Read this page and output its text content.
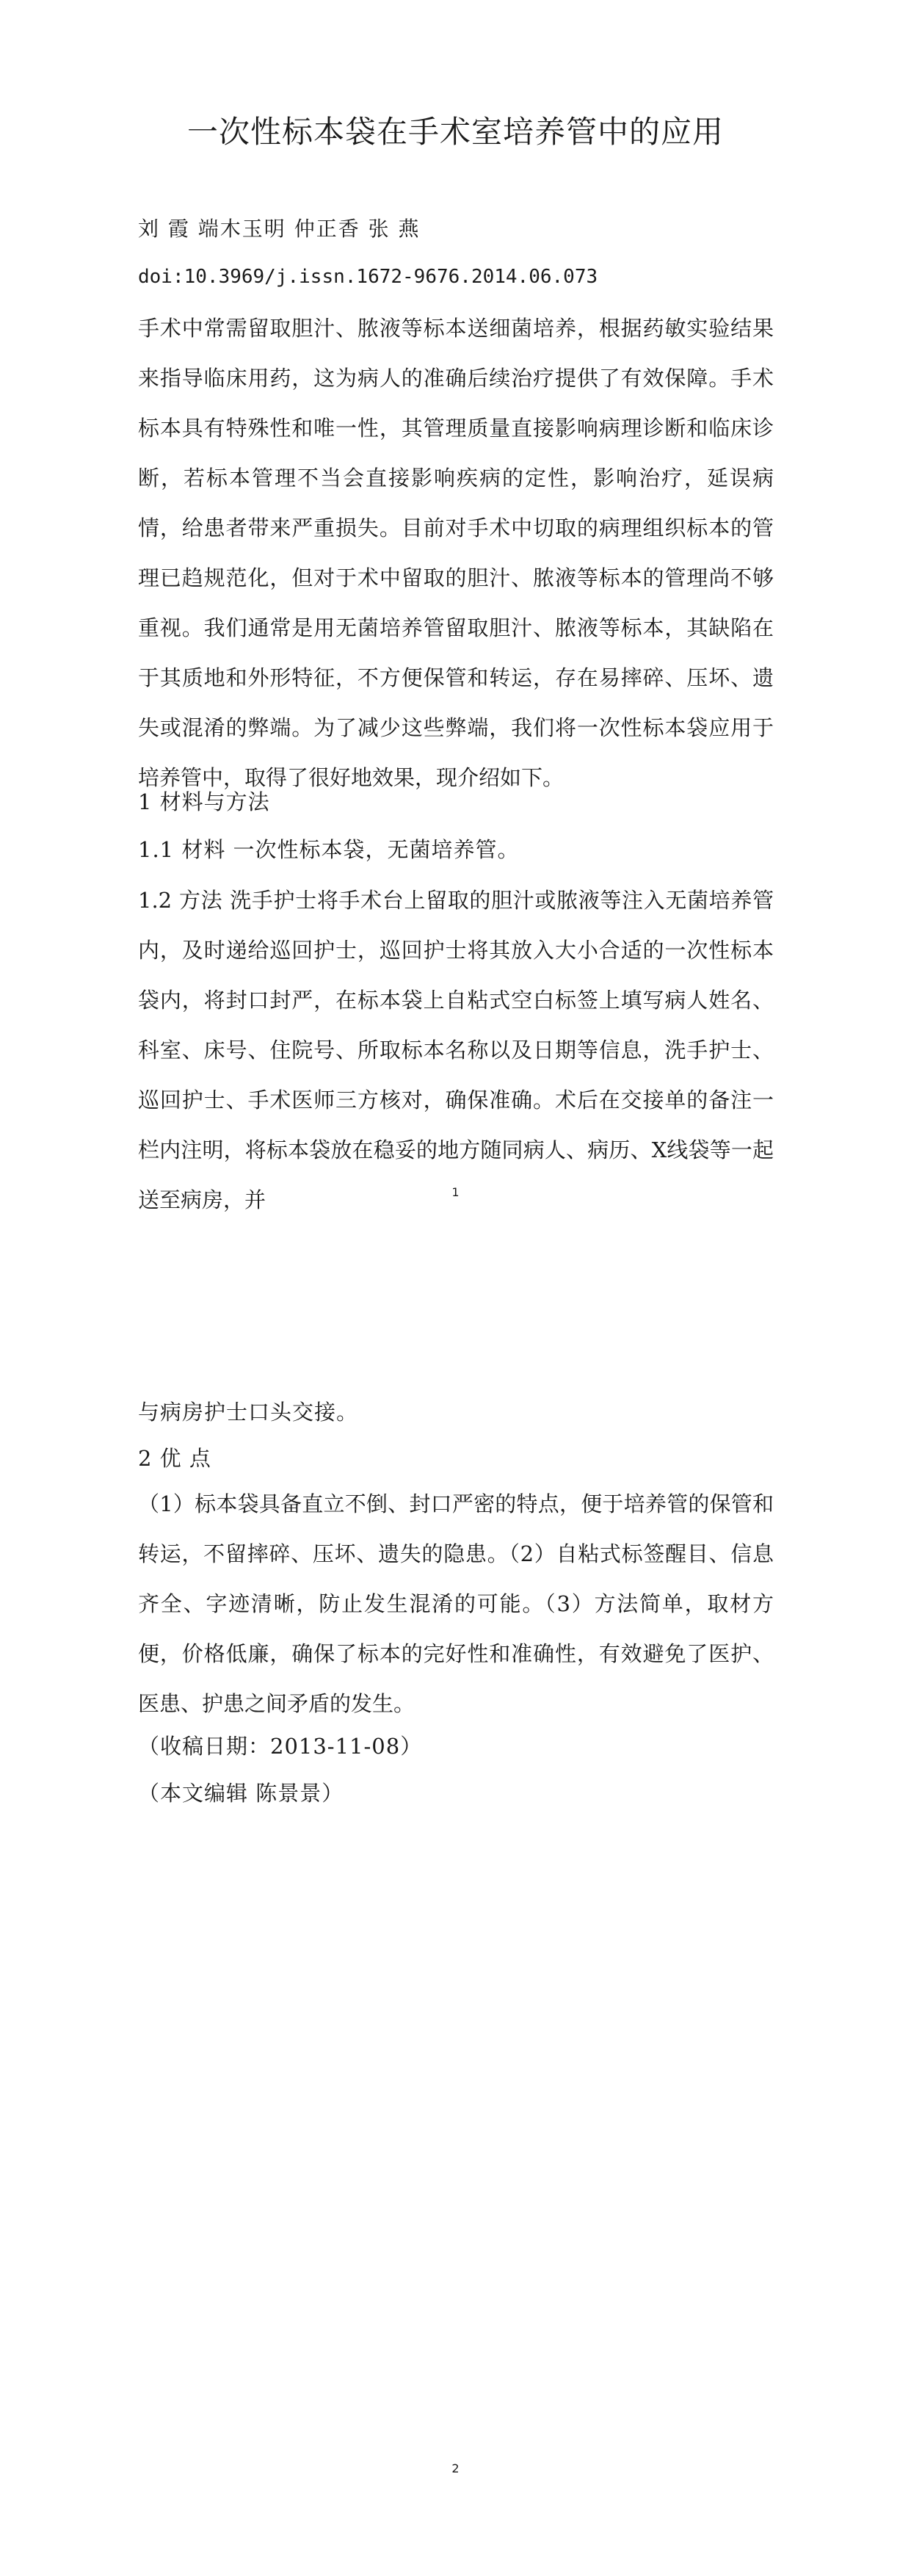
一次性标本袋在手术室培养管中的应用

刘 霞 端木玉明 仲正香 张 燕

doi:10.3969/j.issn.1672-9676.2014.06.073

手术中常需留取胆汁、脓液等标本送细菌培养，根据药敏实验结果来指导临床用药，这为病人的准确后续治疗提供了有效保障。手术标本具有特殊性和唯一性，其管理质量直接影响病理诊断和临床诊断，若标本管理不当会直接影响疾病的定性，影响治疗，延误病情，给患者带来严重损失。目前对手术中切取的病理组织标本的管理已趋规范化，但对于术中留取的胆汁、脓液等标本的管理尚不够重视。我们通常是用无菌培养管留取胆汁、脓液等标本，其缺陷在于其质地和外形特征，不方便保管和转运，存在易摔碎、压坏、遗失或混淆的弊端。为了减少这些弊端，我们将一次性标本袋应用于培养管中，取得了很好地效果，现介绍如下。

1 材料与方法

1.1 材料 一次性标本袋，无菌培养管。

1.2 方法 洗手护士将手术台上留取的胆汁或脓液等注入无菌培养管内，及时递给巡回护士，巡回护士将其放入大小合适的一次性标本袋内，将封口封严，在标本袋上自粘式空白标签上填写病人姓名、科室、床号、住院号、所取标本名称以及日期等信息，洗手护士、巡回护士、手术医师三方核对，确保准确。术后在交接单的备注一栏内注明，将标本袋放在稳妥的地方随同病人、病历、X线袋等一起送至病房，并	1

与病房护士口头交接。

2 优 点

（1）标本袋具备直立不倒、封口严密的特点，便于培养管的保管和转运，不留摔碎、压坏、遗失的隐患。（2）自粘式标签醒目、信息齐全、字迹清晰，防止发生混淆的可能。（3）方法简单，取材方便，价格低廉，确保了标本的完好性和准确性，有效避免了医护、医患、护患之间矛盾的发生。

（收稿日期：2013-11-08）

（本文编辑 陈景景）

2
